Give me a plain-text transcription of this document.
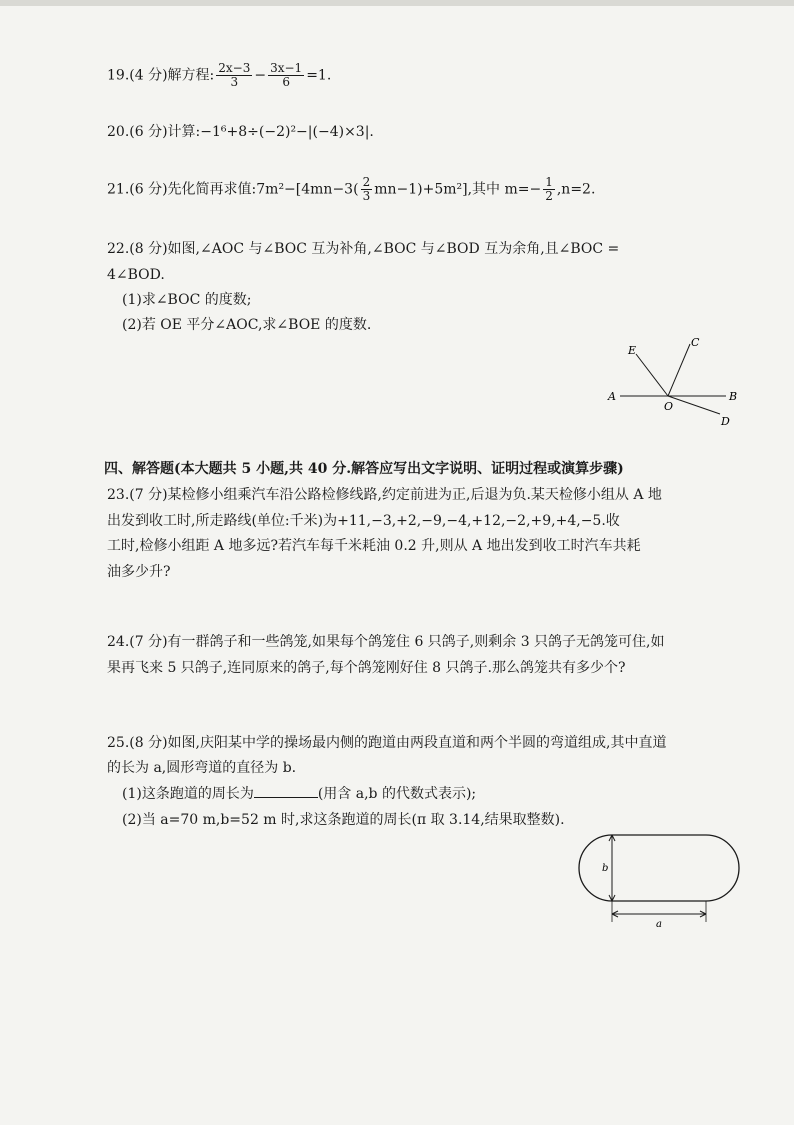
19.(4 分)解方程: $\frac{2x-3}{3} - \frac{3x-1}{6} =1$.
20.(6 分)计算:−1⁶+8÷(−2)²−|(−4)×3|.
21.(6 分)先化简再求值:7m²−[4mn−3( $\frac{2}{3} mn-1)+5m^2$],其中 $m=- \frac{1}{2} ,n=2$.
22.(8 分)如图,∠AOC 与∠BOC 互为补角,∠BOC 与∠BOD 互为余角,且∠BOC =
4∠BOD.
(1)求∠BOC 的度数;
(2)若 OE 平分∠AOC,求∠BOE 的度数.
A	B
C
D
E
O
四、解答题(本大题共 5 小题,共 40 分.解答应写出文字说明、证明过程或演算步骤)
23.(7 分)某检修小组乘汽车沿公路检修线路,约定前进为正,后退为负.某天检修小组从 A 地
出发到收工时,所走路线(单位:千米)为+11,−3,+2,−9,−4,+12,−2,+9,+4,−5.收
工时,检修小组距 A 地多远?若汽车每千米耗油 0.2 升,则从 A 地出发到收工时汽车共耗
油多少升?
24.(7 分)有一群鸽子和一些鸽笼,如果每个鸽笼住 6 只鸽子,则剩余 3 只鸽子无鸽笼可住,如
果再飞来 5 只鸽子,连同原来的鸽子,每个鸽笼刚好住 8 只鸽子.那么鸽笼共有多少个?
25.(8 分)如图,庆阳某中学的操场最内侧的跑道由两段直道和两个半圆的弯道组成,其中直道
的长为 a,圆形弯道的直径为 b.
(1)这条跑道的周长为	(用含 a,b 的代数式表示);
(2)当 a=70 m,b=52 m 时,求这条跑道的周长(π 取 3.14,结果取整数).
b
a
